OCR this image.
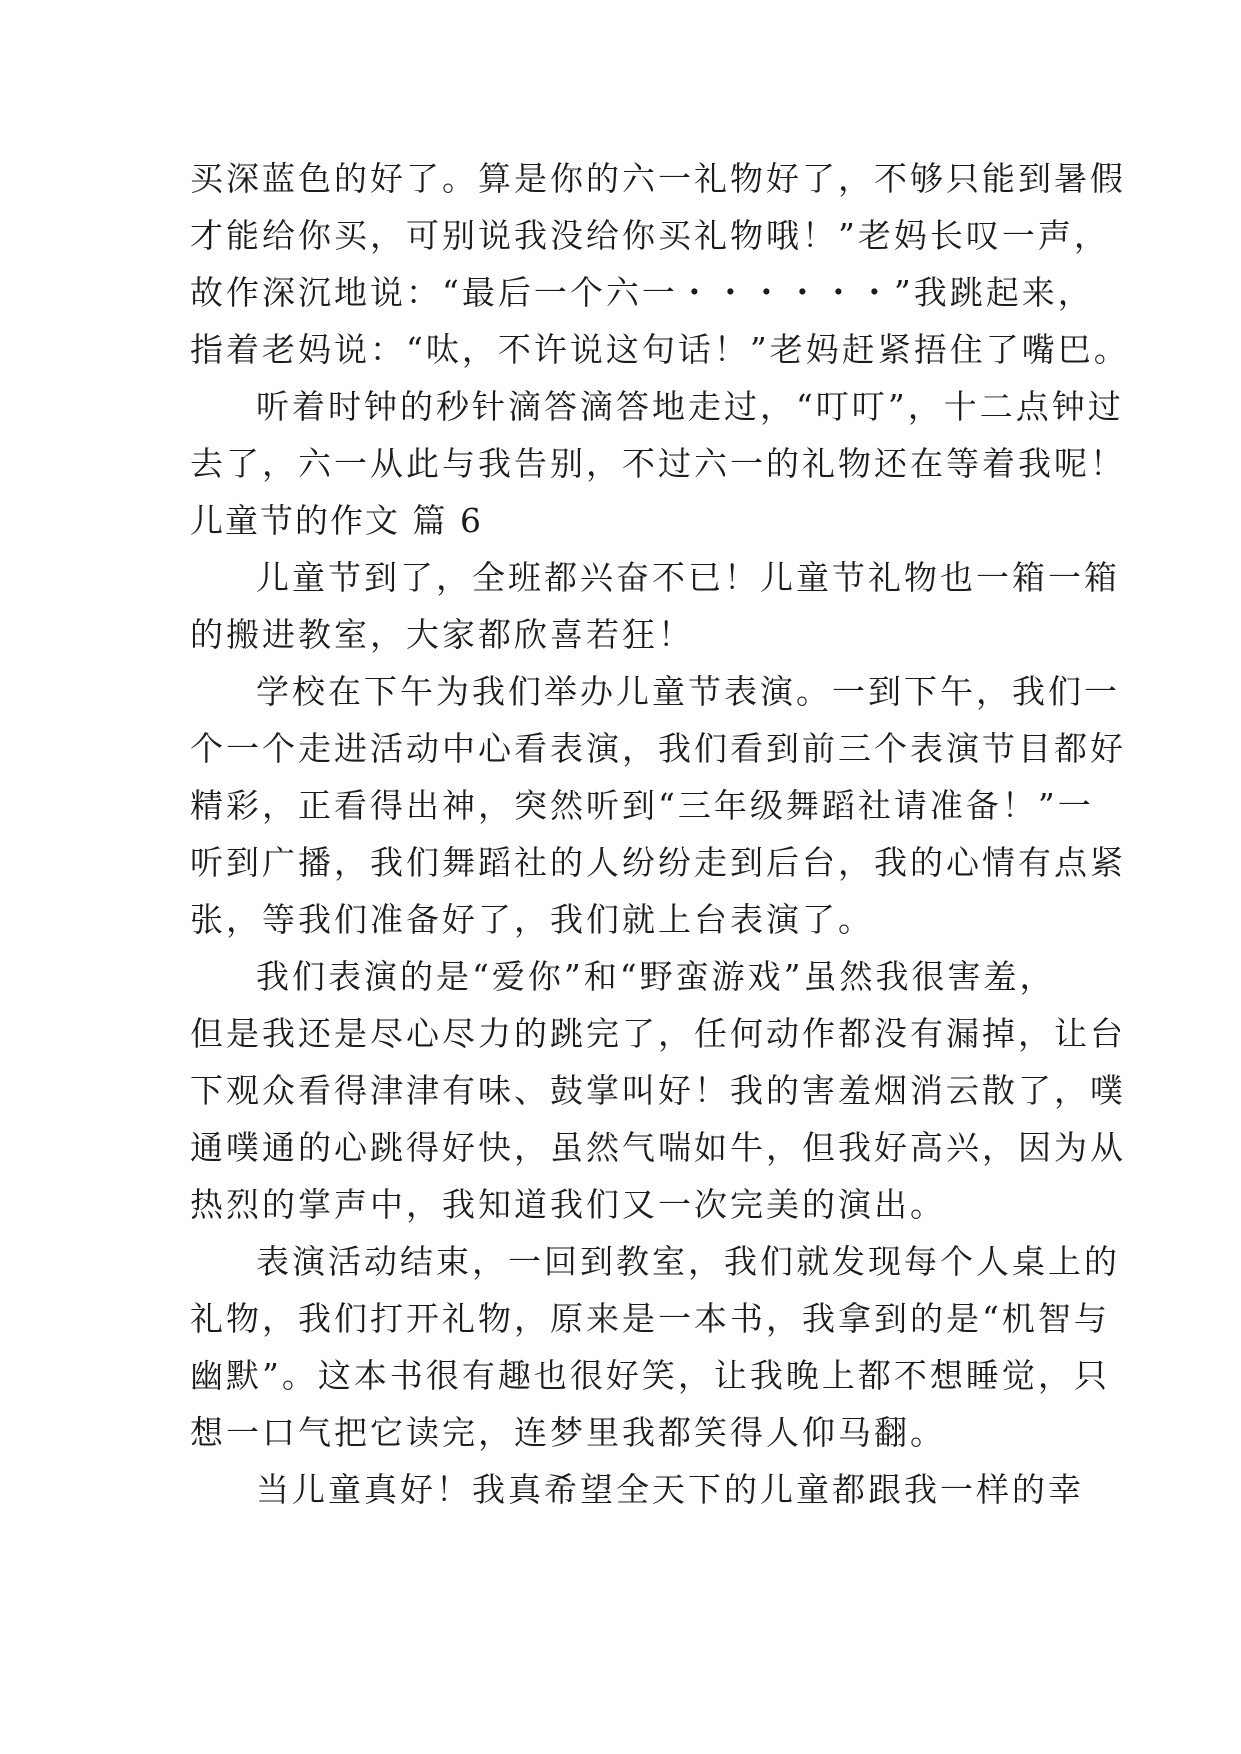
买深蓝色的好了。算是你的六一礼物好了，不够只能到暑假
才能给你买，可别说我没给你买礼物哦！”老妈长叹一声，
故作深沉地说：“最后一个六一・・・・・・”我跳起来，
指着老妈说：“呔，不许说这句话！”老妈赶紧捂住了嘴巴。
听着时钟的秒针滴答滴答地走过，“叮叮”，十二点钟过
去了，六一从此与我告别，不过六一的礼物还在等着我呢！
儿童节的作文 篇 6
儿童节到了，全班都兴奋不已！儿童节礼物也一箱一箱
的搬进教室，大家都欣喜若狂！
学校在下午为我们举办儿童节表演。一到下午，我们一
个一个走进活动中心看表演，我们看到前三个表演节目都好
精彩，正看得出神，突然听到“三年级舞蹈社请准备！”一
听到广播，我们舞蹈社的人纷纷走到后台，我的心情有点紧
张，等我们准备好了，我们就上台表演了。
我们表演的是“爱你”和“野蛮游戏”虽然我很害羞，
但是我还是尽心尽力的跳完了，任何动作都没有漏掉，让台
下观众看得津津有味、鼓掌叫好！我的害羞烟消云散了，噗
通噗通的心跳得好快，虽然气喘如牛，但我好高兴，因为从
热烈的掌声中，我知道我们又一次完美的演出。
表演活动结束，一回到教室，我们就发现每个人桌上的
礼物，我们打开礼物，原来是一本书，我拿到的是“机智与
幽默”。这本书很有趣也很好笑，让我晚上都不想睡觉，只
想一口气把它读完，连梦里我都笑得人仰马翻。
当儿童真好！我真希望全天下的儿童都跟我一样的幸
